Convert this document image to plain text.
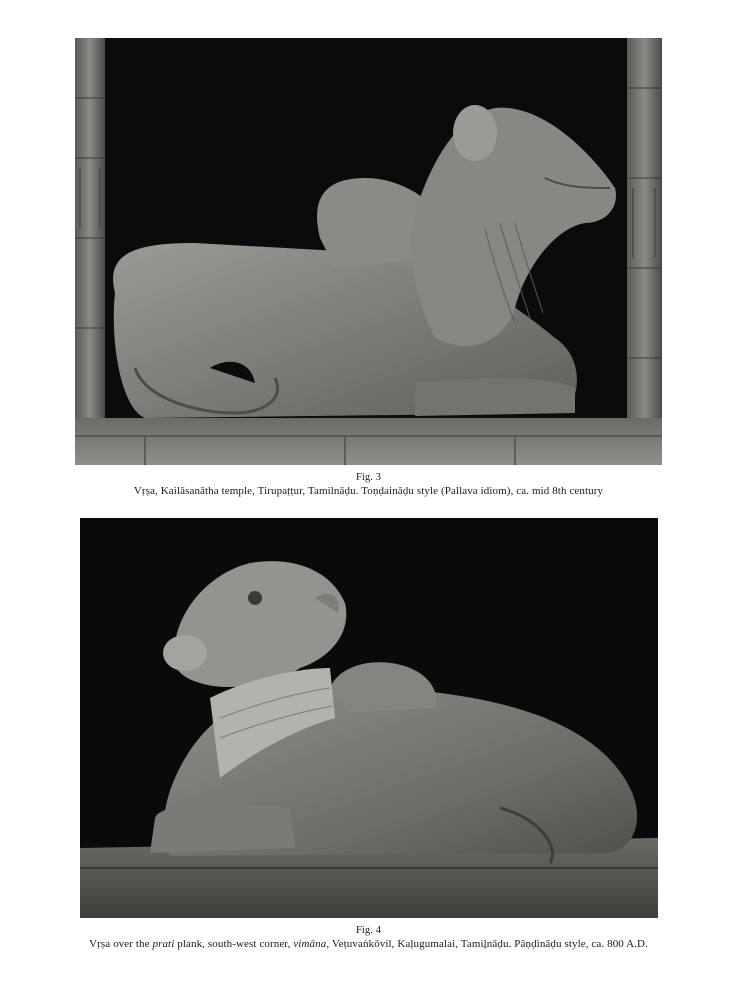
Fig. 3
Vṛṣa, Kailāsanātha temple, Tirupaṭṭur, Tamilnāḍu. Toṇḍaināḍu style (Pallava idiom), ca. mid 8th century
Fig. 4
Vṛṣa over the prati plank, south-west corner, vimāna, Veṭuvaṅkōvil, Kaḷugumalai, Tamiḻnāḍu. Pāṇḍināḍu style, ca. 800 A.D.
